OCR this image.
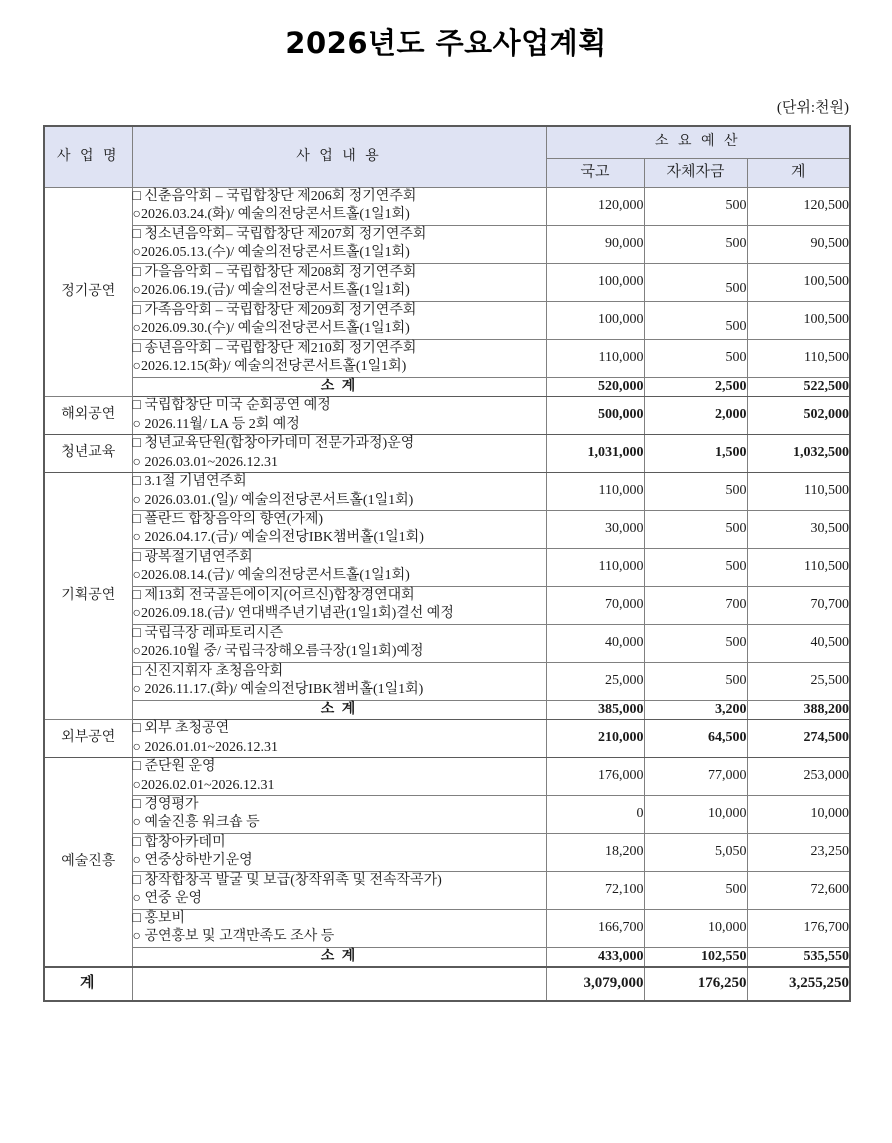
2026년도 주요사업계획
(단위:천원)
사 업 명	사 업 내 용	소 요 예 산		
		국고	자체자금	계
정기공연	□ 신춘음악회 – 국립합창단 제206회 정기연주회
○2026.03.24.(화)/ 예술의전당콘서트홀(1일1회)	120,000	500	120,500

	□ 청소년음악회– 국립합창단 제207회 정기연주회
○2026.05.13.(수)/ 예술의전당콘서트홀(1일1회)	90,000	500	90,500

	□ 가을음악회 – 국립합창단 제208회 정기연주회
○2026.06.19.(금)/ 예술의전당콘서트홀(1일1회)	100,000	500	100,500

	□ 가족음악회 – 국립합창단 제209회 정기연주회
○2026.09.30.(수)/ 예술의전당콘서트홀(1일1회)	100,000	500	100,500

	□ 송년음악회 – 국립합창단 제210회 정기연주회
○2026.12.15(화)/ 예술의전당콘서트홀(1일1회)	110,000	500	110,500
	소 계	520,000	2,500	522,500
해외공연	□ 국립합창단 미국 순회공연 예정
○ 2026.11월/ LA 등 2회 예정	500,000	2,000	502,000
청년교육	□ 청년교육단원(합창아카데미 전문가과정)운영
○ 2026.03.01~2026.12.31	1,031,000	1,500	1,032,500
기획공연	□ 3.1절 기념연주회
○ 2026.03.01.(일)/ 예술의전당콘서트홀(1일1회)	110,000	500	110,500

	□ 폴란드 합창음악의 향연(가제)
○ 2026.04.17.(금)/ 예술의전당IBK챔버홀(1일1회)	30,000	500	30,500

	□ 광복절기념연주회
○2026.08.14.(금)/ 예술의전당콘서트홀(1일1회)	110,000	500	110,500

	□ 제13회 전국골든에이지(어르신)합창경연대회
○2026.09.18.(금)/ 연대백주년기념관(1일1회)결선 예정	70,000	700	70,700

	□ 국립극장 레파토리시즌
○2026.10월 중/ 국립극장해오름극장(1일1회)예정	40,000	500	40,500

	□ 신진지휘자 초청음악회
○ 2026.11.17.(화)/ 예술의전당IBK챔버홀(1일1회)	25,000	500	25,500
	소 계	385,000	3,200	388,200
외부공연	□ 외부 초청공연
○ 2026.01.01~2026.12.31	210,000	64,500	274,500
예술진흥	□ 준단원 운영
○2026.02.01~2026.12.31	176,000	77,000	253,000

	□ 경영평가
○ 예술진흥 워크숍 등	0	10,000	10,000

	□ 합창아카데미
○ 연중상하반기운영	18,200	5,050	23,250

	□ 창작합창곡 발굴 및 보급(창작위촉 및 전속작곡가)
○ 연중 운영	72,100	500	72,600

	□ 홍보비
○ 공연홍보 및 고객만족도 조사 등	166,700	10,000	176,700
	소 계	433,000	102,550	535,550
계		3,079,000	176,250	3,255,250
